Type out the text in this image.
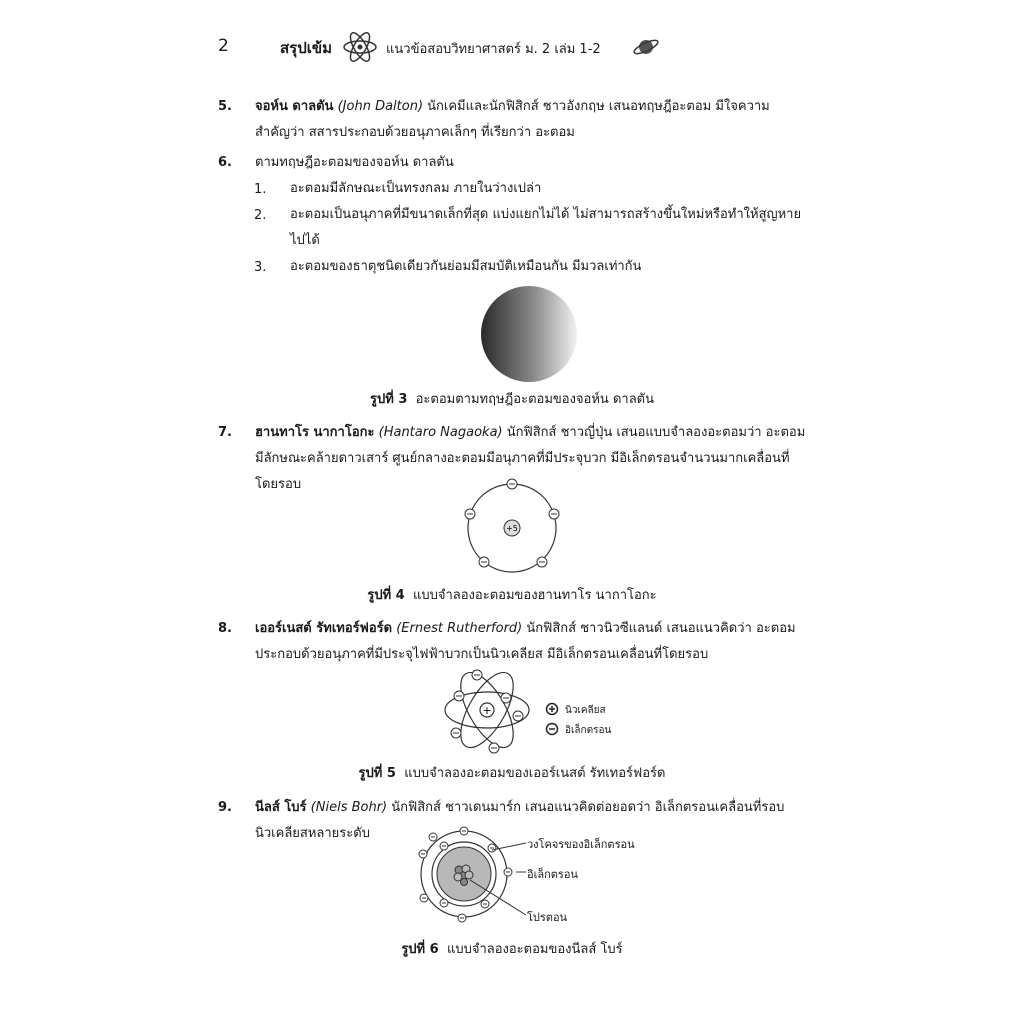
2	สรุปเข้ม	แนวข้อสอบวิทยาศาสตร์ ม. 2 เล่ม 1-2
5. จอห์น ดาลตัน (John Dalton) นักเคมีและนักฟิสิกส์ ชาวอังกฤษ เสนอทฤษฎีอะตอม มีใจความ
สำคัญว่า สสารประกอบด้วยอนุภาคเล็กๆ ที่เรียกว่า อะตอม
6. ตามทฤษฎีอะตอมของจอห์น ดาลตัน
1. อะตอมมีลักษณะเป็นทรงกลม ภายในว่างเปล่า
2. อะตอมเป็นอนุภาคที่มีขนาดเล็กที่สุด แบ่งแยกไม่ได้ ไม่สามารถสร้างขึ้นใหม่หรือทำให้สูญหาย
ไปได้
3. อะตอมของธาตุชนิดเดียวกันย่อมมีสมบัติเหมือนกัน มีมวลเท่ากัน
รูปที่ 3 อะตอมตามทฤษฎีอะตอมของจอห์น ดาลตัน
7. ฮานทาโร นากาโอกะ (Hantaro Nagaoka) นักฟิสิกส์ ชาวญี่ปุ่น เสนอแบบจำลองอะตอมว่า อะตอม
มีลักษณะคล้ายดาวเสาร์ ศูนย์กลางอะตอมมีอนุภาคที่มีประจุบวก มีอิเล็กตรอนจำนวนมากเคลื่อนที่
โดยรอบ
+5
รูปที่ 4 แบบจำลองอะตอมของฮานทาโร นากาโอกะ
8. เออร์เนสต์ รัทเทอร์ฟอร์ด (Ernest Rutherford) นักฟิสิกส์ ชาวนิวซีแลนด์ เสนอแนวคิดว่า อะตอม
ประกอบด้วยอนุภาคที่มีประจุไฟฟ้าบวกเป็นนิวเคลียส มีอิเล็กตรอนเคลื่อนที่โดยรอบ
+	นิวเคลียส
อิเล็กตรอน
รูปที่ 5 แบบจำลองอะตอมของเออร์เนสต์ รัทเทอร์ฟอร์ด
9. นีลส์ โบร์ (Niels Bohr) นักฟิสิกส์ ชาวเดนมาร์ก เสนอแนวคิดต่อยอดว่า อิเล็กตรอนเคลื่อนที่รอบ
นิวเคลียสหลายระดับ
วงโคจรของอิเล็กตรอน
อิเล็กตรอน
โปรตอน
รูปที่ 6 แบบจำลองอะตอมของนีลส์ โบร์
